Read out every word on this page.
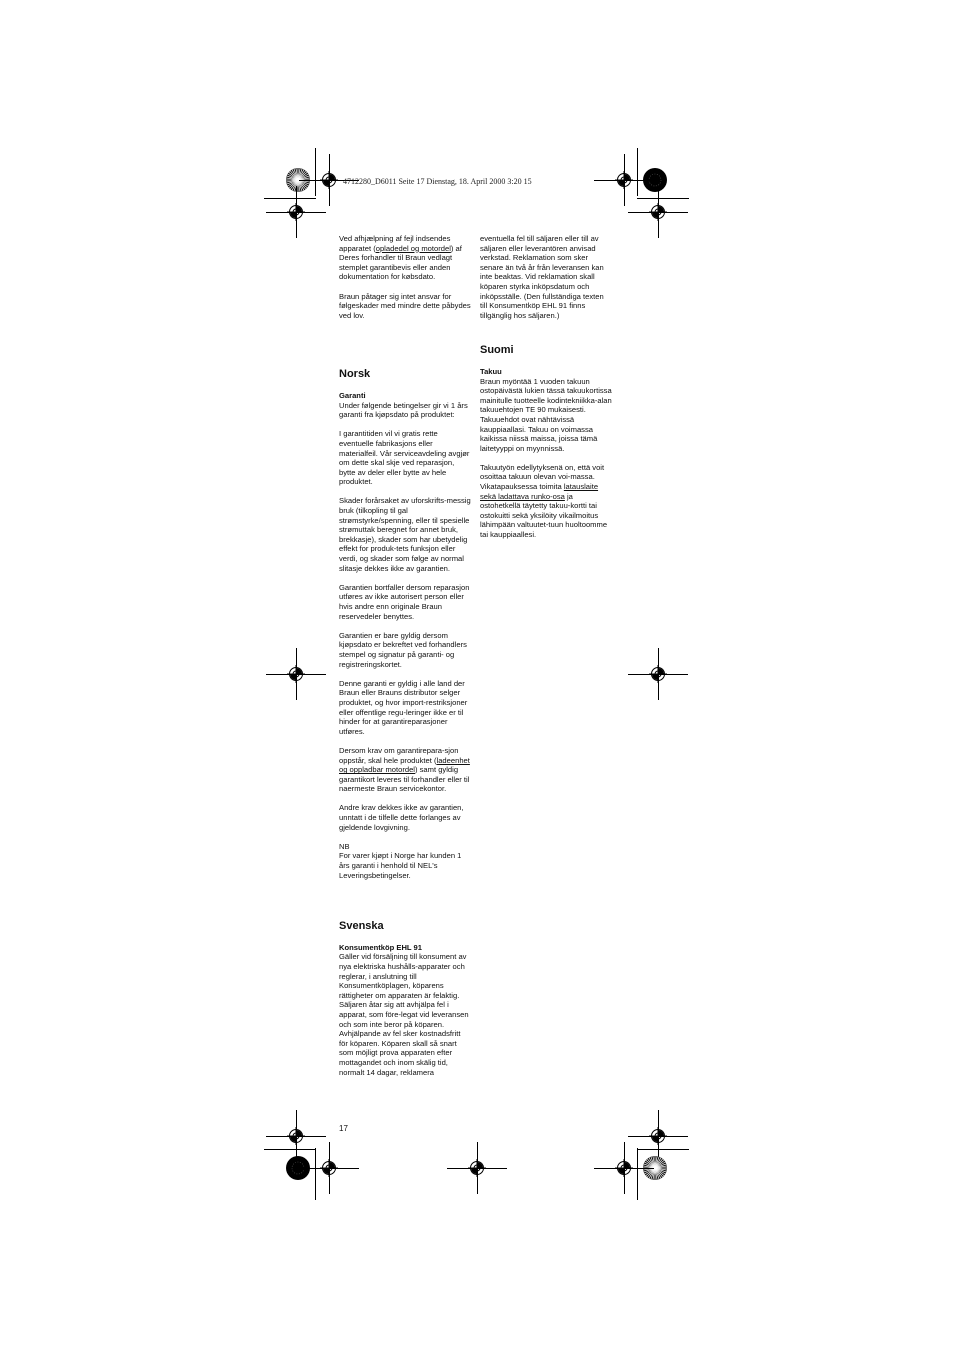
4712280_D6011 Seite 17 Dienstag, 18. April 2000 3:20 15

Ved afhjælpning af fejl indsendes apparatet (opladedel og motordel) af Deres forhandler til Braun vedlagt stemplet garantibevis eller anden dokumentation for købsdato.

Braun påtager sig intet ansvar for følgeskader med mindre dette påbydes ved lov.

Norsk
Garanti

Under følgende betingelser gir vi 1 års garanti fra kjøpsdato på produktet:

I garantitiden vil vi gratis rette eventuelle fabrikasjons eller materialfeil. Vår serviceavdeling avgjør om dette skal skje ved reparasjon, bytte av deler eller bytte av hele produktet.

Skader forårsaket av uforskrifts-messig bruk (tilkopling til gal strømstyrke/spenning, eller til spesielle strømuttak beregnet for annet bruk, brekkasje), skader som har ubetydelig effekt for produk-tets funksjon eller verdi, og skader som følge av normal slitasje dekkes ikke av garantien.

Garantien bortfaller dersom reparasjon utføres av ikke autorisert person eller hvis andre enn originale Braun reservedeler benyttes.

Garantien er bare gyldig dersom kjøpsdato er bekreftet ved forhandlers stempel og signatur på garanti- og registreringskortet.

Denne garanti er gyldig i alle land der Braun eller Brauns distributor selger produktet, og hvor import-restriksjoner eller offentlige regu-leringer ikke er til hinder for at garantireparasjoner utføres.

Dersom krav om garantirepara-sjon oppstår, skal hele produktet (ladeenhet og oppladbar motordel) samt gyldig garantikort leveres til forhandler eller til naermeste Braun servicekontor.

Andre krav dekkes ikke av garantien, unntatt i de tilfelle dette forlanges av gjeldende lovgivning.

NB
For varer kjøpt i Norge har kunden 1 års garanti i henhold til NEL's Leveringsbetingelser.

Svenska
Konsumentköp EHL 91

Gäller vid försäljning till konsument av nya elektriska hushålls-apparater och reglerar, i anslutning till Konsumentköplagen, köparens rättigheter om apparaten är felaktig. Säljaren åtar sig att avhjälpa fel i apparat, som före-legat vid leveransen och som inte beror på köparen. Avhjälpande av fel sker kostnadsfritt för köparen. Köparen skall så snart som möjligt prova apparaten efter mottagandet och inom skälig tid, normalt 14 dagar, reklamera

eventuella fel till säljaren eller till av säljaren eller leverantören anvisad verkstad. Reklamation som sker senare än två år från leveransen kan inte beaktas. Vid reklamation skall köparen styrka inköpsdatum och inköpsställe. (Den fullständiga texten till Konsumentköp EHL 91 finns tillgänglig hos säljaren.)

Suomi
Takuu

Braun myöntää 1 vuoden takuun ostopäivästä lukien tässä takuukortissa mainitulle tuotteelle kodintekniikka-alan takuuehtojen TE 90 mukaisesti. Takuuehdot ovat nähtävissä kauppiaallasi. Takuu on voimassa kaikissa niissä maissa, joissa tämä laitetyyppi on myynnissä.

Takuutyön edellytyksenä on, että voit osoittaa takuun olevan voi-massa. Vikatapauksessa toimita latauslaite sekä ladattava runko-osa ja ostohetkellä täytetty takuu-kortti tai ostokuitti sekä yksilöity vikailmoitus lähimpään valtuutet-tuun huoltoomme tai kauppiaallesi.

17
